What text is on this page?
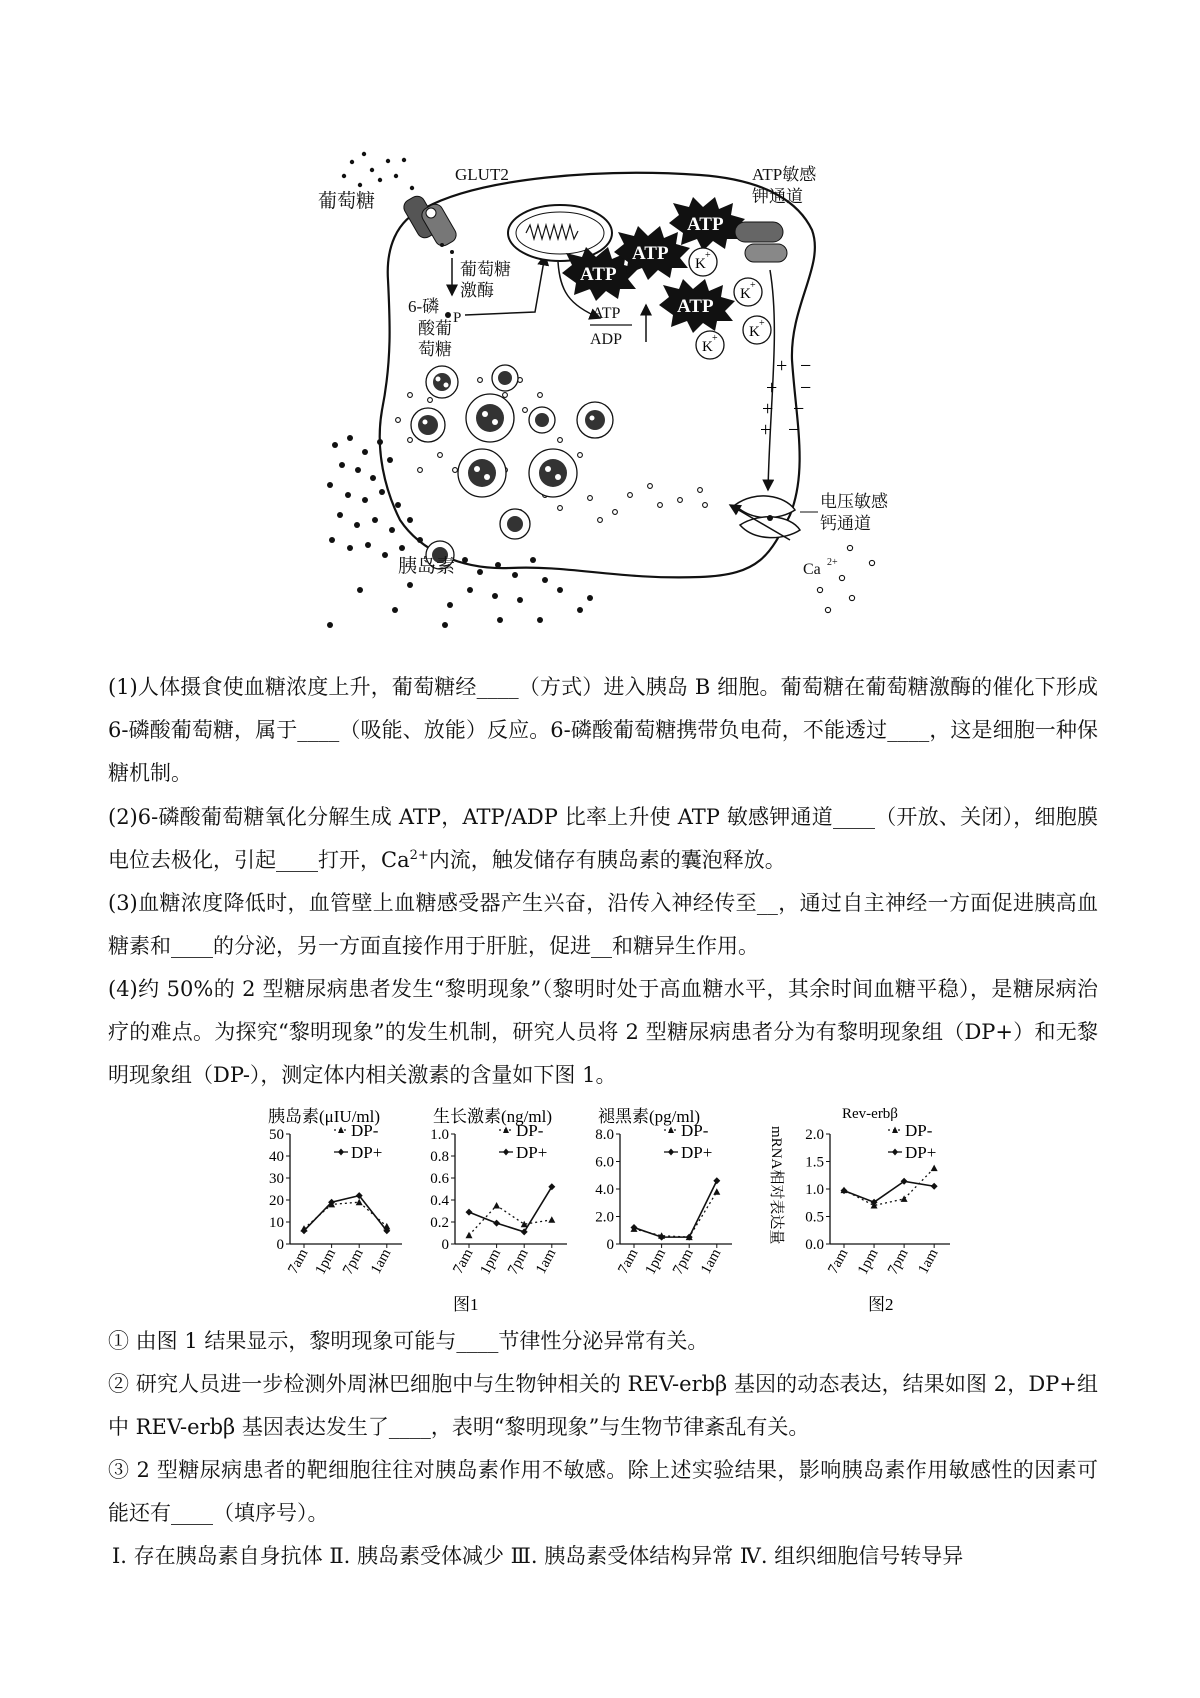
葡萄糖
GLUT2
葡萄糖
激酶
6-磷
P
酸葡
萄糖
ATP
ATP
ATP
ATP
ATP
ADP
K
+
K
+
K
+
K
+
ATP敏感
钾通道
+
+
+
+
−
−
−
−
电压敏感
钙通道
Ca 2+
胰岛素
(1)人体摄食使血糖浓度上升，葡萄糖经____（方式）进入胰岛 B 细胞。葡萄糖在葡萄糖激酶的催化下形成 6-磷酸葡萄糖，属于____（吸能、放能）反应。6-磷酸葡萄糖携带负电荷，不能透过____，这是细胞一种保糖机制。
(2)6-磷酸葡萄糖氧化分解生成 ATP，ATP/ADP 比率上升使 ATP 敏感钾通道____（开放、关闭），细胞膜电位去极化，引起____打开，$Ca^{2+}$内流，触发储存有胰岛素的囊泡释放。
(3)血糖浓度降低时，血管壁上血糖感受器产生兴奋，沿传入神经传至__，通过自主神经一方面促进胰高血糖素和____的分泌，另一方面直接作用于肝脏，促进__和糖异生作用。
(4)约 50%的 2 型糖尿病患者发生“黎明现象”（黎明时处于高血糖水平，其余时间血糖平稳），是糖尿病治疗的难点。为探究“黎明现象”的发生机制，研究人员将 2 型糖尿病患者分为有黎明现象组（DP+）和无黎明现象组（DP-），测定体内相关激素的含量如下图 1。
胰岛素(μIU/ml)
0
10
20
30
40
50
7am 1pm 7pm 1am
DP-
DP+
生长激素(ng/ml)
0
0.2
0.4
0.6
0.8
1.0
7am 1pm 7pm 1am
DP-
DP+
褪黑素(pg/ml)
0
2.0
4.0
6.0
8.0
7am 1pm 7pm 1am
DP-
DP+
Rev-erbβ
mRNA相对表达量
0.0
0.5
1.0
1.5
2.0
7am 1pm 7pm 1am
DP-
DP+
图1	图2
① 由图 1 结果显示，黎明现象可能与____节律性分泌异常有关。
② 研究人员进一步检测外周淋巴细胞中与生物钟相关的 REV-erbβ 基因的动态表达，结果如图 2，DP+组中 REV-erbβ 基因表达发生了____，表明“黎明现象”与生物节律紊乱有关。
③ 2 型糖尿病患者的靶细胞往往对胰岛素作用不敏感。除上述实验结果，影响胰岛素作用敏感性的因素可能还有____（填序号）。
Ⅰ. 存在胰岛素自身抗体 Ⅱ. 胰岛素受体减少 Ⅲ. 胰岛素受体结构异常 Ⅳ. 组织细胞信号转导异
